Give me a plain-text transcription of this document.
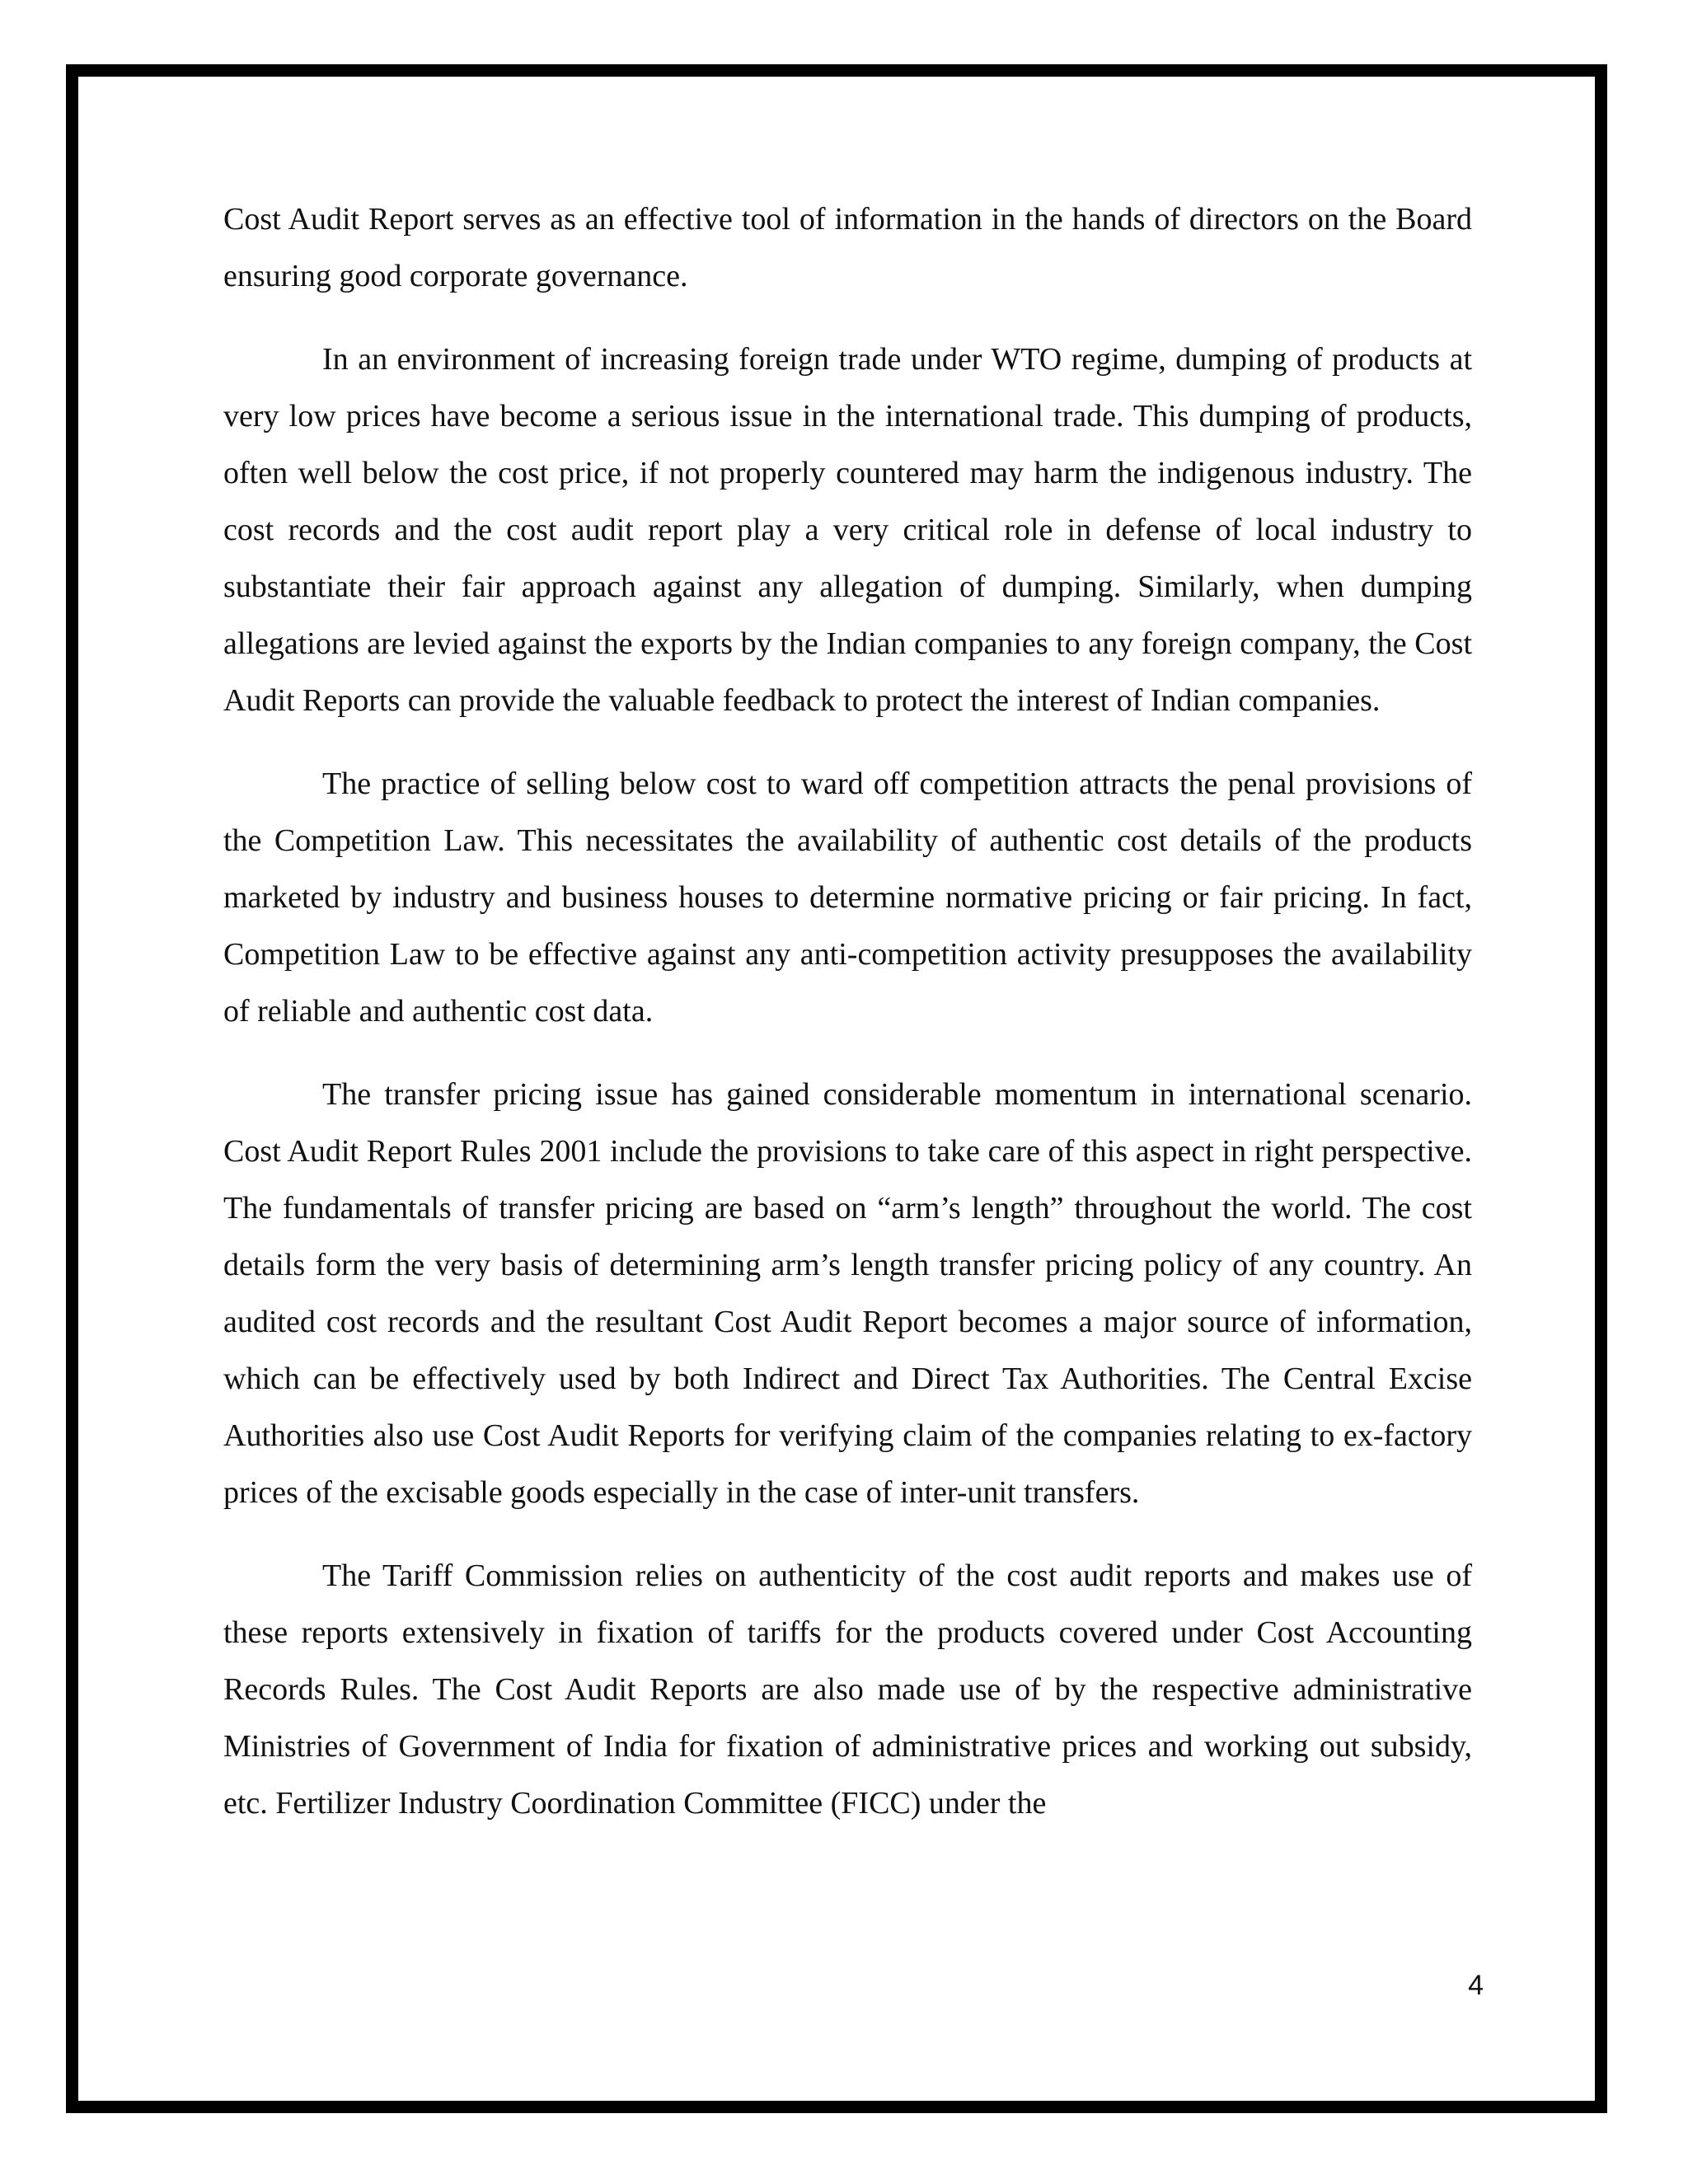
Cost Audit Report serves as an effective tool of information in the hands of directors on the Board ensuring good corporate governance.

In an environment of increasing foreign trade under WTO regime, dumping of products at very low prices have become a serious issue in the international trade. This dumping of products, often well below the cost price, if not properly countered may harm the indigenous industry. The cost records and the cost audit report play a very critical role in defense of local industry to substantiate their fair approach against any allegation of dumping. Similarly, when dumping allegations are levied against the exports by the Indian companies to any foreign company, the Cost Audit Reports can provide the valuable feedback to protect the interest of Indian companies.

The practice of selling below cost to ward off competition attracts the penal provisions of the Competition Law. This necessitates the availability of authentic cost details of the products marketed by industry and business houses to determine normative pricing or fair pricing. In fact, Competition Law to be effective against any anti-competition activity presupposes the availability of reliable and authentic cost data.

The transfer pricing issue has gained considerable momentum in international scenario. Cost Audit Report Rules 2001 include the provisions to take care of this aspect in right perspective. The fundamentals of transfer pricing are based on “arm’s length” throughout the world. The cost details form the very basis of determining arm’s length transfer pricing policy of any country. An audited cost records and the resultant Cost Audit Report becomes a major source of information, which can be effectively used by both Indirect and Direct Tax Authorities. The Central Excise Authorities also use Cost Audit Reports for verifying claim of the companies relating to ex-factory prices of the excisable goods especially in the case of inter-unit transfers.

The Tariff Commission relies on authenticity of the cost audit reports and makes use of these reports extensively in fixation of tariffs for the products covered under Cost Accounting Records Rules. The Cost Audit Reports are also made use of by the respective administrative Ministries of Government of India for fixation of administrative prices and working out subsidy, etc. Fertilizer Industry Coordination Committee (FICC) under the

4
